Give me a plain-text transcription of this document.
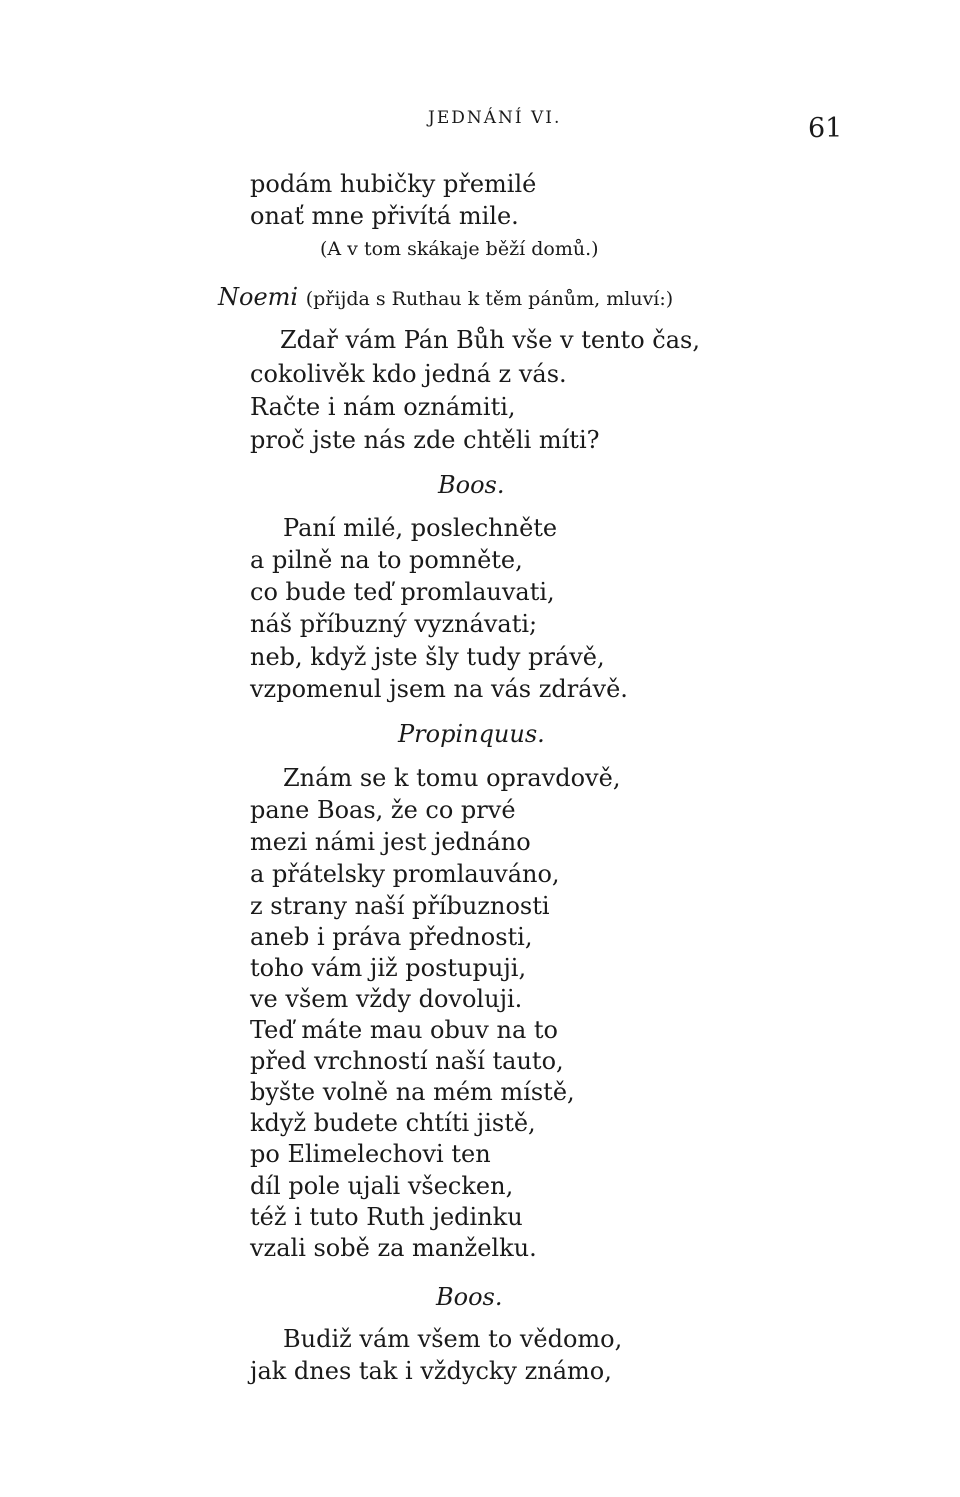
JEDNÁNÍ VI.	61
podám hubičky přemilé
onať mne přivítá mile.
(A v tom skákaje běží domů.)
Noemi (přijda s Ruthau k těm pánům, mluví:)
Zdař vám Pán Bůh vše v tento čas,
cokolivěk kdo jedná z vás.
Račte i nám oznámiti,
proč jste nás zde chtěli míti?
Boos.
Paní milé, poslechněte
a pilně na to pomněte,
co bude teď promlauvati,
náš příbuzný vyznávati;
neb, když jste šly tudy právě,
vzpomenul jsem na vás zdrávě.
Propinquus.
Znám se k tomu opravdově,
pane Boas, že co prvé
mezi námi jest jednáno
a přátelsky promlauváno,
z strany naší příbuznosti
aneb i práva přednosti,
toho vám již postupuji,
ve všem vždy dovoluji.
Teď máte mau obuv na to
před vrchností naší tauto,
byšte volně na mém místě,
když budete chtíti jistě,
po Elimelechovi ten
díl pole ujali všecken,
též i tuto Ruth jedinku
vzali sobě za manželku.
Boos.
Budiž vám všem to vědomo,
jak dnes tak i vždycky známo,
